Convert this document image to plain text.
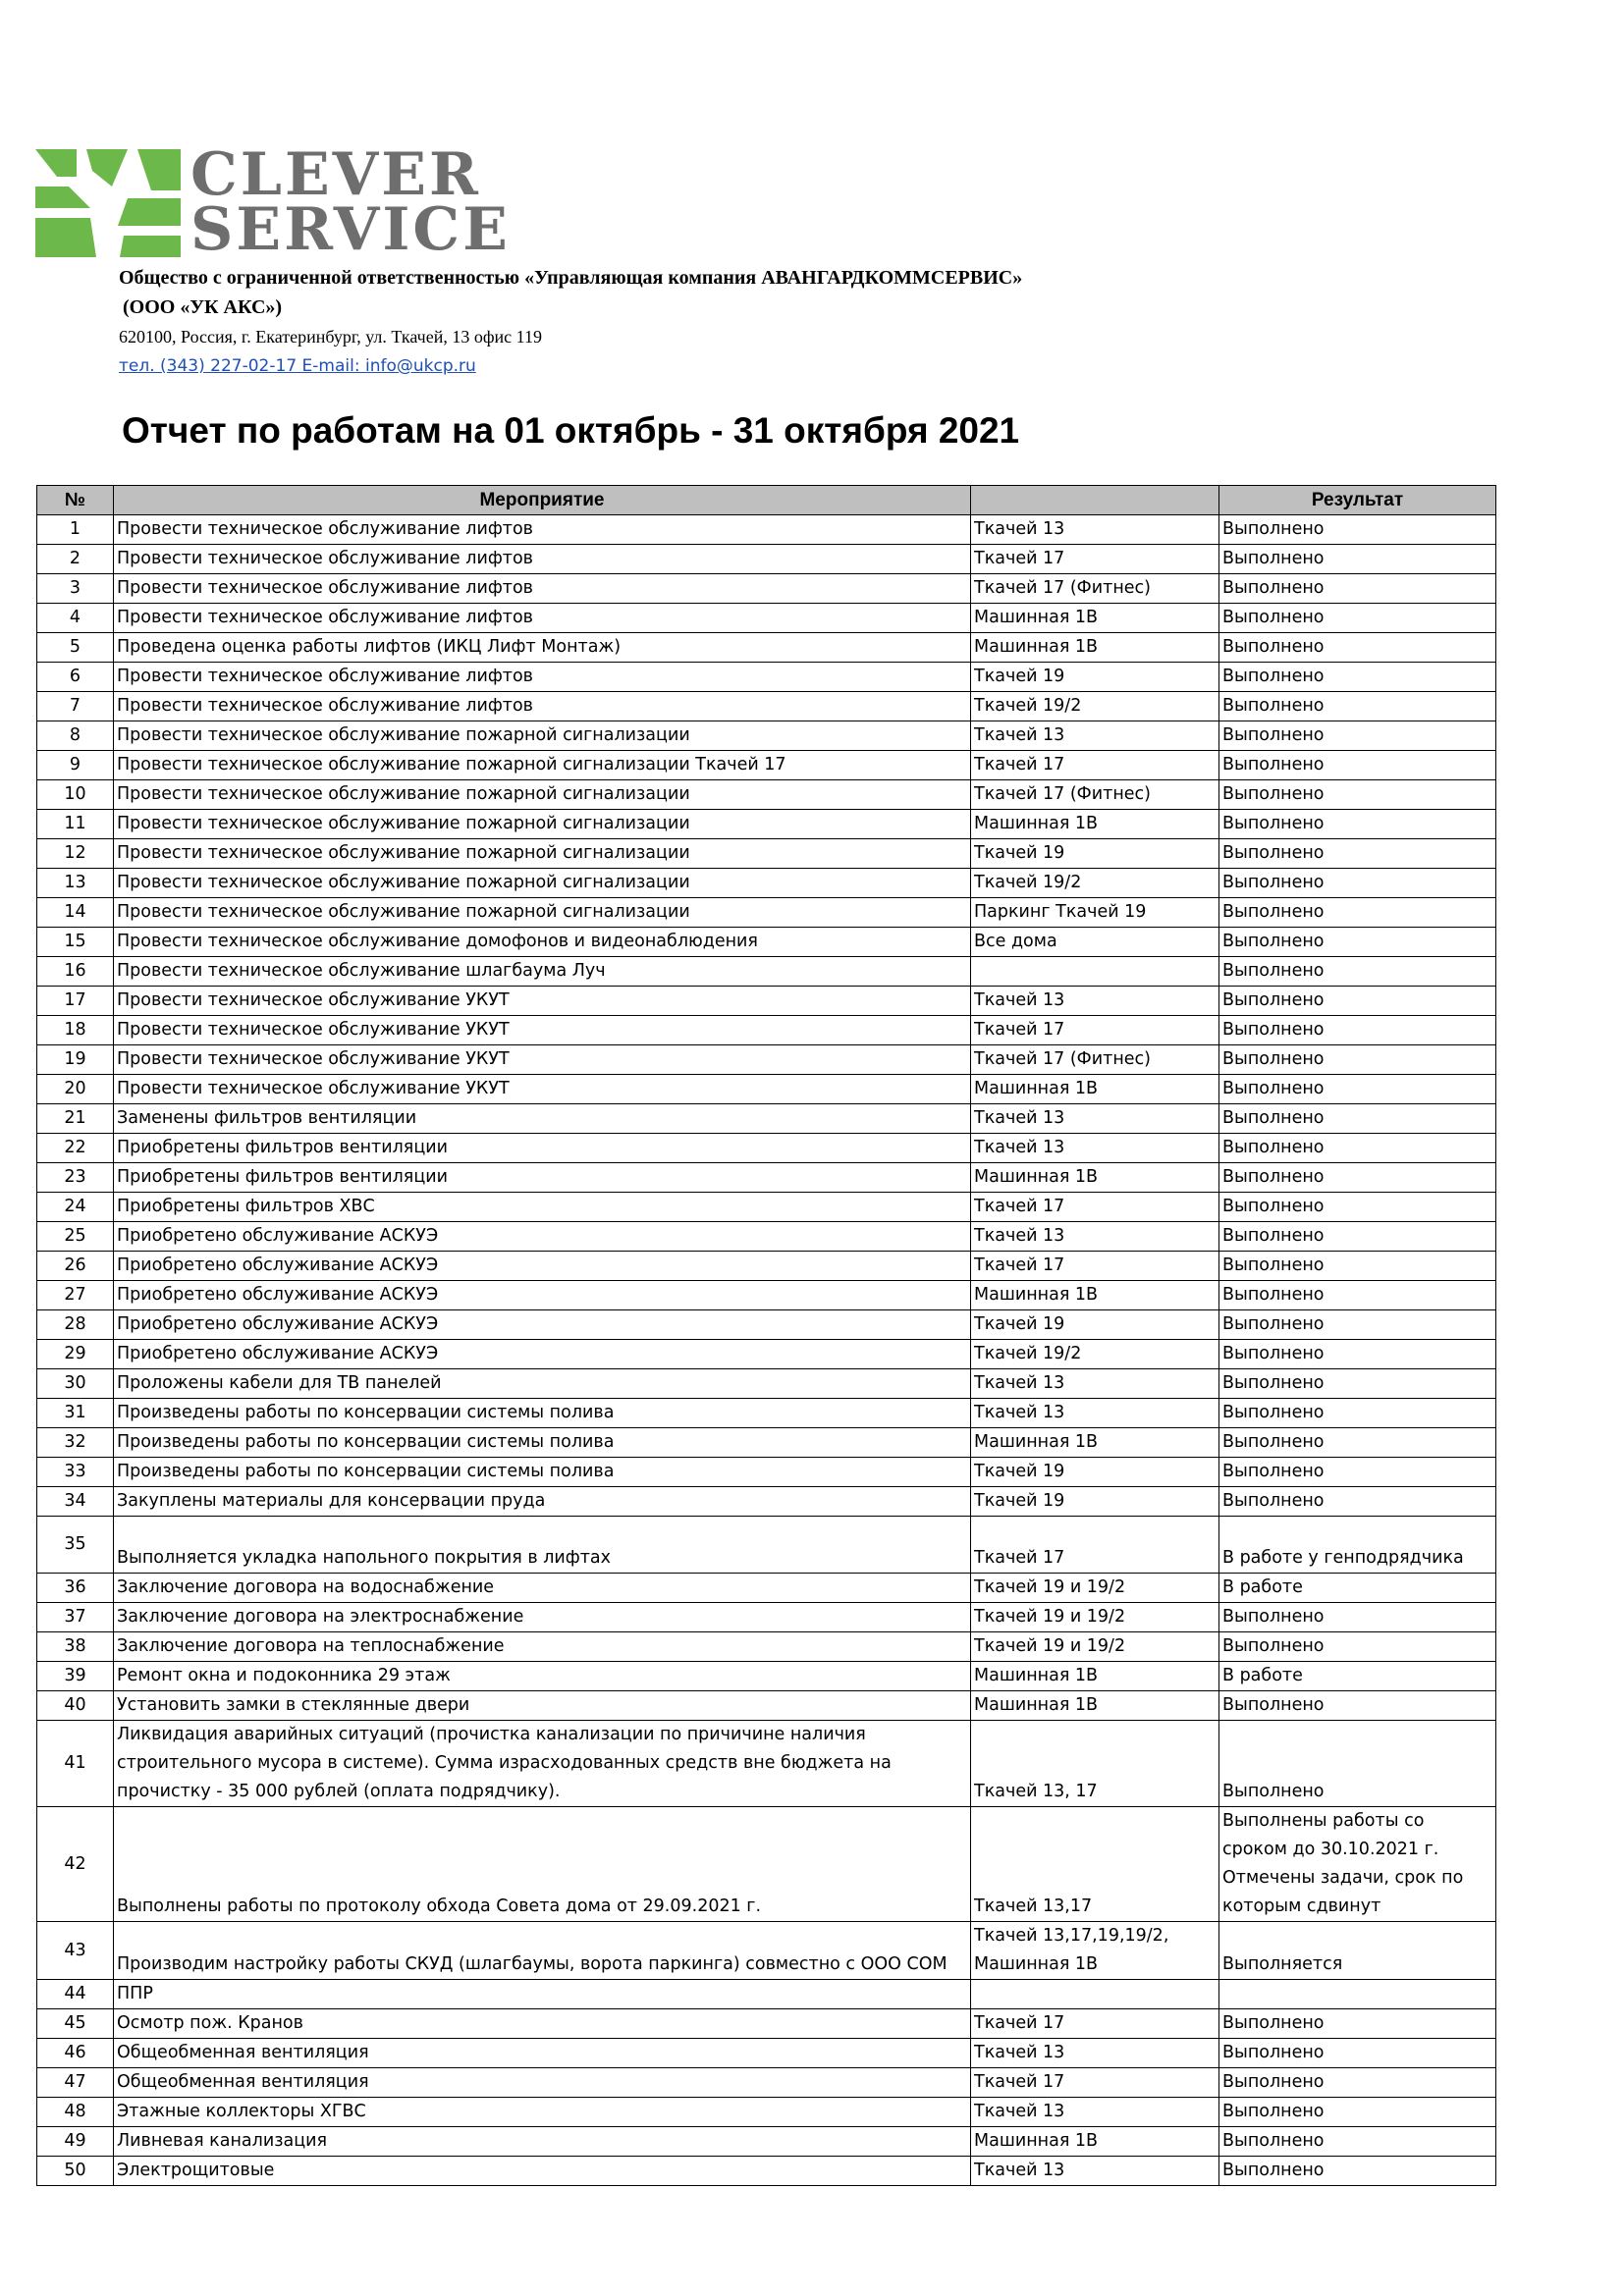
CLEVER
SERVICE
Общество с ограниченной ответственностью «Управляющая компания АВАНГАРДКОММСЕРВИС»
(ООО «УК АКС»)
620100, Россия, г. Екатеринбург, ул. Ткачей, 13 офис 119
тел. (343) 227-02-17 E-mail: info@ukcp.ru
Отчет по работам на 01 октябрь - 31 октября 2021
№	Мероприятие		Результат
1	Провести техническое обслуживание лифтов	Ткачей 13	Выполнено
2	Провести техническое обслуживание лифтов	Ткачей 17	Выполнено
3	Провести техническое обслуживание лифтов	Ткачей 17 (Фитнес)	Выполнено
4	Провести техническое обслуживание лифтов	Машинная 1В	Выполнено
5	Проведена оценка работы лифтов (ИКЦ Лифт Монтаж)	Машинная 1В	Выполнено
6	Провести техническое обслуживание лифтов	Ткачей 19	Выполнено
7	Провести техническое обслуживание лифтов	Ткачей 19/2	Выполнено
8	Провести техническое обслуживание пожарной сигнализации	Ткачей 13	Выполнено
9	Провести техническое обслуживание пожарной сигнализации Ткачей 17	Ткачей 17	Выполнено
10	Провести техническое обслуживание пожарной сигнализации	Ткачей 17 (Фитнес)	Выполнено
11	Провести техническое обслуживание пожарной сигнализации	Машинная 1В	Выполнено
12	Провести техническое обслуживание пожарной сигнализации	Ткачей 19	Выполнено
13	Провести техническое обслуживание пожарной сигнализации	Ткачей 19/2	Выполнено
14	Провести техническое обслуживание пожарной сигнализации	Паркинг Ткачей 19	Выполнено
15	Провести техническое обслуживание домофонов и видеонаблюдения	Все дома	Выполнено
16	Провести техническое обслуживание шлагбаума Луч		Выполнено
17	Провести техническое обслуживание УКУТ	Ткачей 13	Выполнено
18	Провести техническое обслуживание УКУТ	Ткачей 17	Выполнено
19	Провести техническое обслуживание УКУТ	Ткачей 17 (Фитнес)	Выполнено
20	Провести техническое обслуживание УКУТ	Машинная 1В	Выполнено
21	Заменены фильтров вентиляции	Ткачей 13	Выполнено
22	Приобретены фильтров вентиляции	Ткачей 13	Выполнено
23	Приобретены фильтров вентиляции	Машинная 1В	Выполнено
24	Приобретены фильтров ХВС	Ткачей 17	Выполнено
25	Приобретено обслуживание АСКУЭ	Ткачей 13	Выполнено
26	Приобретено обслуживание АСКУЭ	Ткачей 17	Выполнено
27	Приобретено обслуживание АСКУЭ	Машинная 1В	Выполнено
28	Приобретено обслуживание АСКУЭ	Ткачей 19	Выполнено
29	Приобретено обслуживание АСКУЭ	Ткачей 19/2	Выполнено
30	Проложены кабели для ТВ панелей	Ткачей 13	Выполнено
31	Произведены работы по консервации системы полива	Ткачей 13	Выполнено
32	Произведены работы по консервации системы полива	Машинная 1В	Выполнено
33	Произведены работы по консервации системы полива	Ткачей 19	Выполнено
34	Закуплены материалы для консервации пруда	Ткачей 19	Выполнено
35	Выполняется укладка напольного покрытия в лифтах	Ткачей 17	В работе у генподрядчика
36	Заключение договора на водоснабжение	Ткачей 19 и 19/2	В работе
37	Заключение договора на электроснабжение	Ткачей 19 и 19/2	Выполнено
38	Заключение договора на теплоснабжение	Ткачей 19 и 19/2	Выполнено
39	Ремонт окна и подоконника 29 этаж	Машинная 1В	В работе
40	Установить замки в стеклянные двери	Машинная 1В	Выполнено
41	Ликвидация аварийных ситуаций (прочистка канализации по причичине наличия строительного мусора в системе). Сумма израсходованных средств вне бюджета на прочистку - 35 000 рублей (оплата подрядчику).	Ткачей 13, 17	Выполнено
42	Выполнены работы по протоколу обхода Совета дома от 29.09.2021 г.	Ткачей 13,17	Выполнены работы со сроком до 30.10.2021 г. Отмечены задачи, срок по которым сдвинут
43	Производим настройку работы СКУД (шлагбаумы, ворота паркинга) совместно с ООО СОМ	Ткачей 13,17,19,19/2, Машинная 1В	Выполняется
44	ППР		
45	Осмотр пож. Кранов	Ткачей 17	Выполнено
46	Общеобменная вентиляция	Ткачей 13	Выполнено
47	Общеобменная вентиляция	Ткачей 17	Выполнено
48	Этажные коллекторы ХГВС	Ткачей 13	Выполнено
49	Ливневая канализация	Машинная 1В	Выполнено
50	Электрощитовые	Ткачей 13	Выполнено
